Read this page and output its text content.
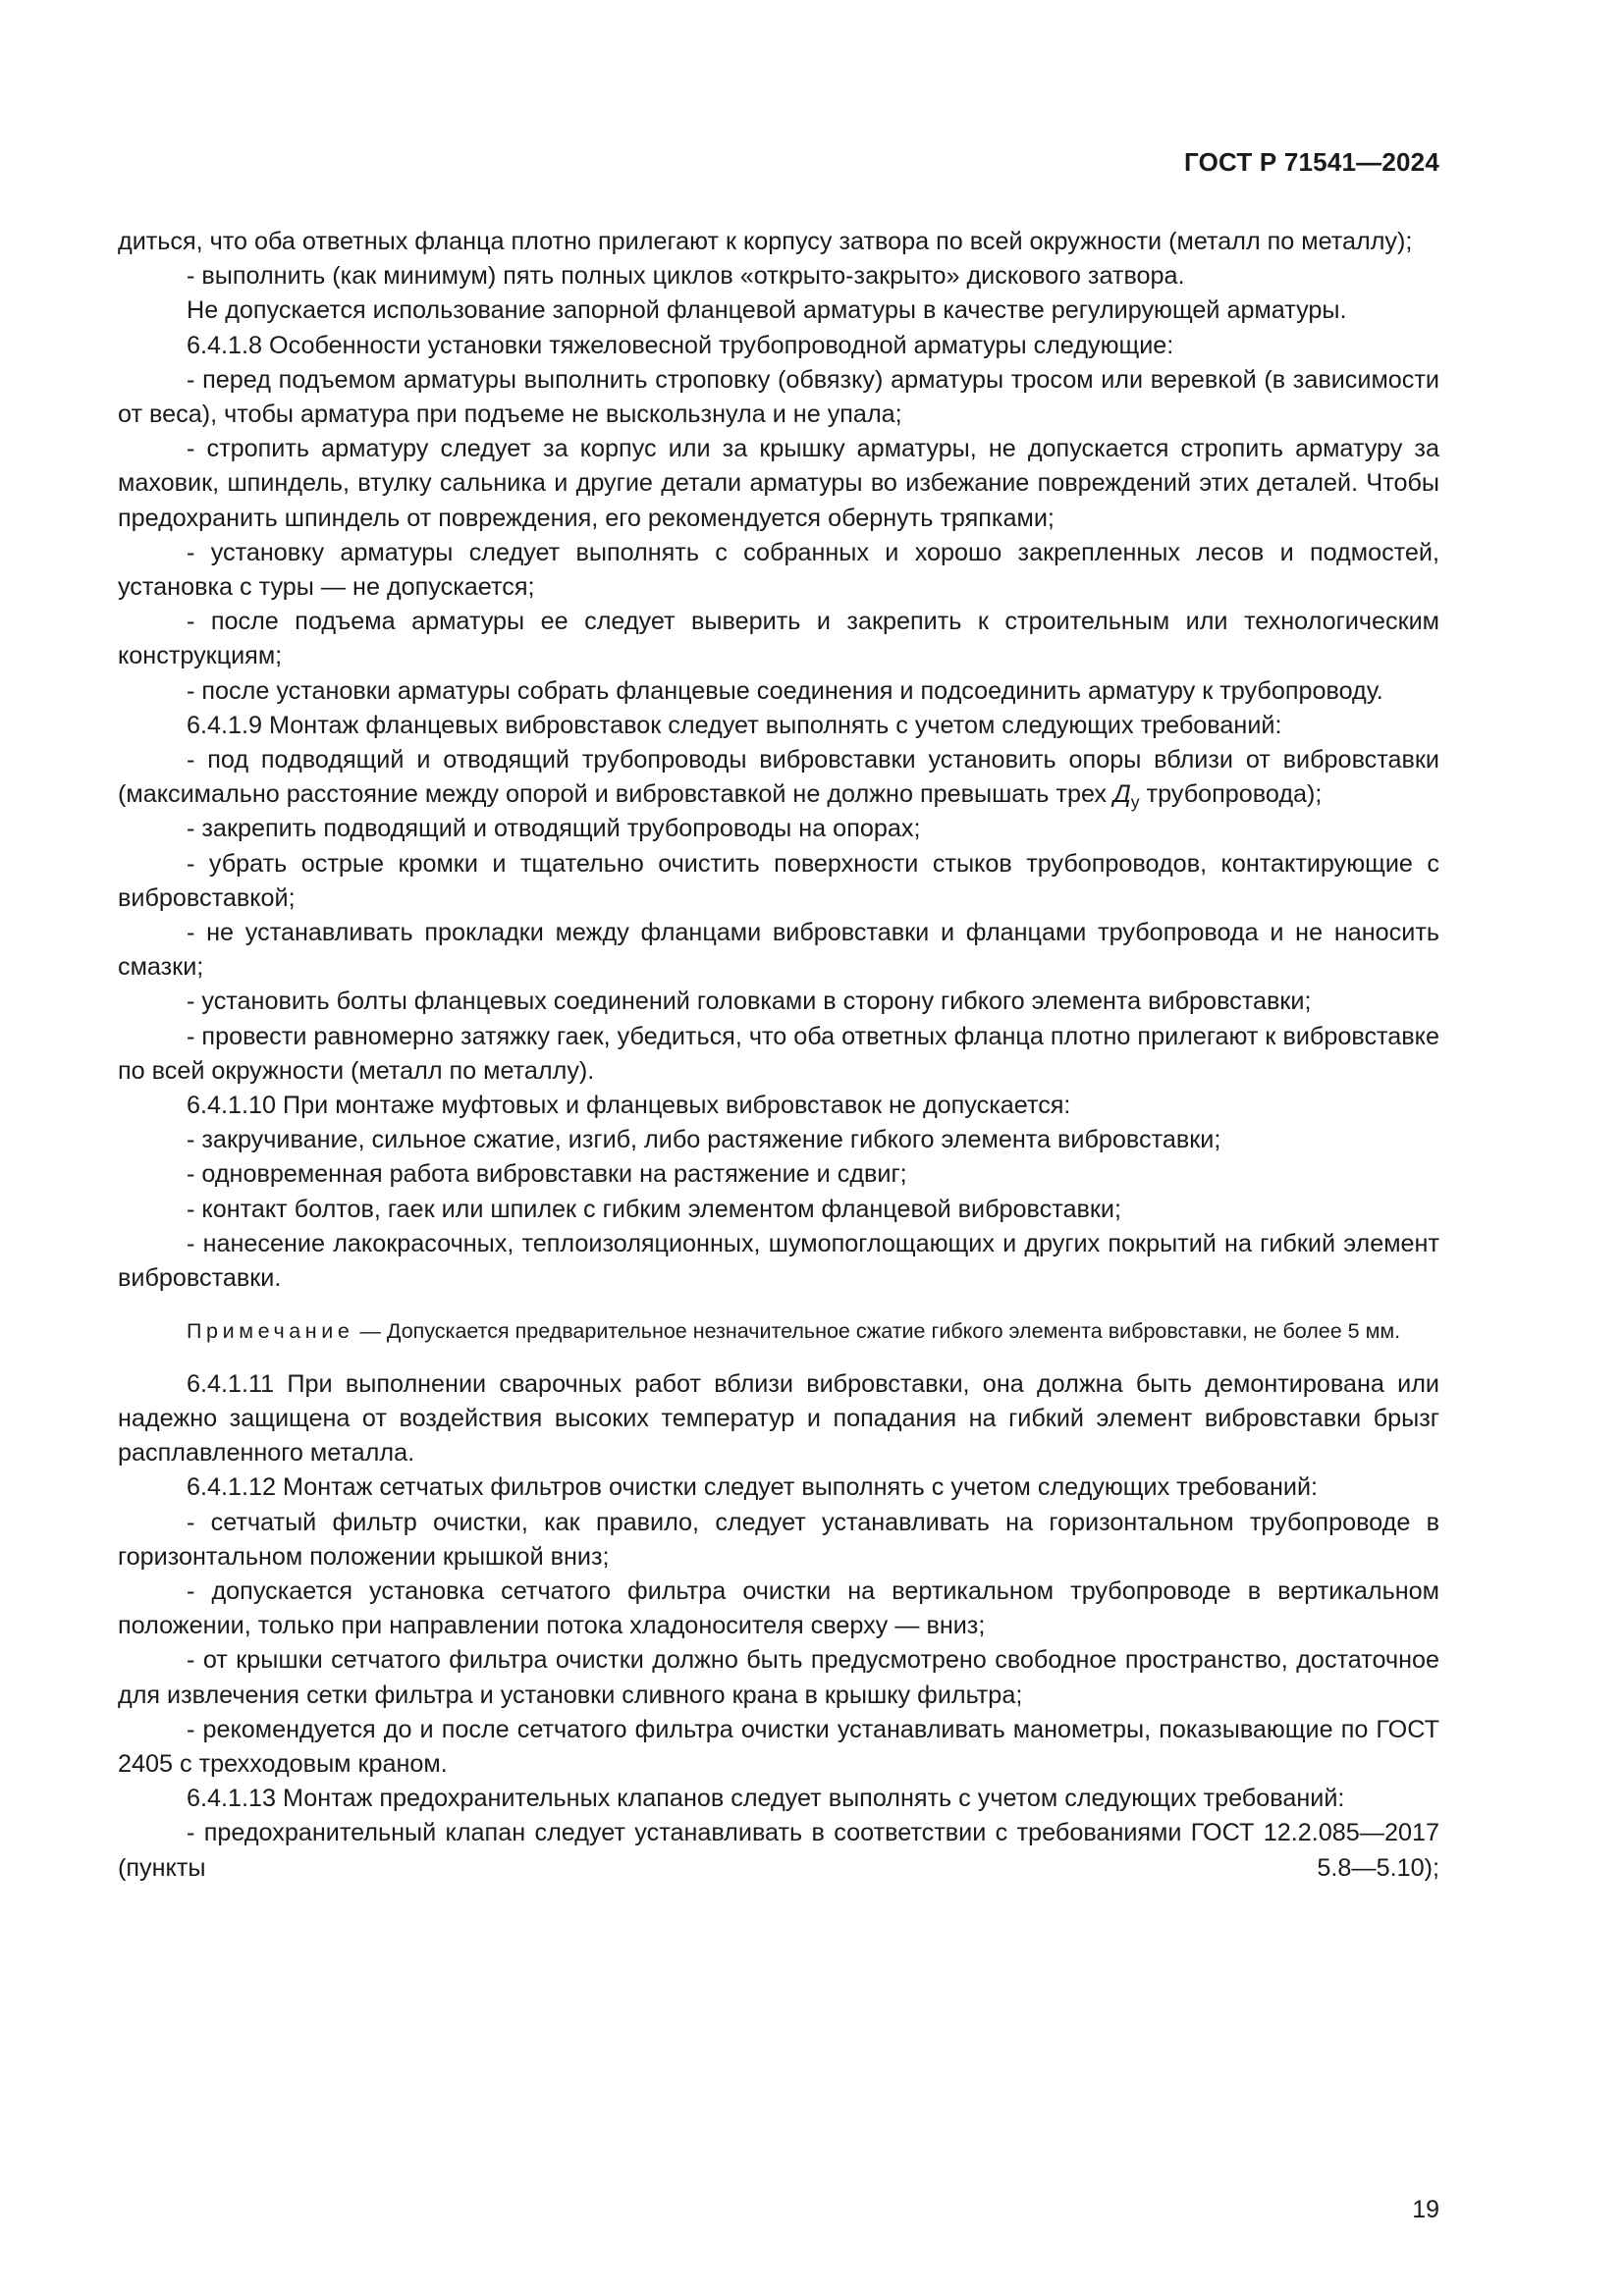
ГОСТ Р 71541—2024

диться, что оба ответных фланца плотно прилегают к корпусу затвора по всей окружности (металл по металлу);

- выполнить (как минимум) пять полных циклов «открыто-закрыто» дискового затвора.

Не допускается использование запорной фланцевой арматуры в качестве регулирующей арматуры.

6.4.1.8 Особенности установки тяжеловесной трубопроводной арматуры следующие:

- перед подъемом арматуры выполнить строповку (обвязку) арматуры тросом или веревкой (в зависимости от веса), чтобы арматура при подъеме не выскользнула и не упала;

- стропить арматуру следует за корпус или за крышку арматуры, не допускается стропить арматуру за маховик, шпиндель, втулку сальника и другие детали арматуры во избежание повреждений этих деталей. Чтобы предохранить шпиндель от повреждения, его рекомендуется обернуть тряпками;

- установку арматуры следует выполнять с собранных и хорошо закрепленных лесов и подмостей, установка с туры — не допускается;

- после подъема арматуры ее следует выверить и закрепить к строительным или технологическим конструкциям;

- после установки арматуры собрать фланцевые соединения и подсоединить арматуру к трубопроводу.

6.4.1.9 Монтаж фланцевых вибровставок следует выполнять с учетом следующих требований:

- под подводящий и отводящий трубопроводы вибровставки установить опоры вблизи от вибровставки (максимально расстояние между опорой и вибровставкой не должно превышать трех $Д_у$ трубопровода);

- закрепить подводящий и отводящий трубопроводы на опорах;

- убрать острые кромки и тщательно очистить поверхности стыков трубопроводов, контактирующие с вибровставкой;

- не устанавливать прокладки между фланцами вибровставки и фланцами трубопровода и не наносить смазки;

- установить болты фланцевых соединений головками в сторону гибкого элемента вибровставки;

- провести равномерно затяжку гаек, убедиться, что оба ответных фланца плотно прилегают к вибровставке по всей окружности (металл по металлу).

6.4.1.10 При монтаже муфтовых и фланцевых вибровставок не допускается:

- закручивание, сильное сжатие, изгиб, либо растяжение гибкого элемента вибровставки;

- одновременная работа вибровставки на растяжение и сдвиг;

- контакт болтов, гаек или шпилек с гибким элементом фланцевой вибровставки;

- нанесение лакокрасочных, теплоизоляционных, шумопоглощающих и других покрытий на гибкий элемент вибровставки.

Примечание — Допускается предварительное незначительное сжатие гибкого элемента вибровставки, не более 5 мм.

6.4.1.11 При выполнении сварочных работ вблизи вибровставки, она должна быть демонтирована или надежно защищена от воздействия высоких температур и попадания на гибкий элемент вибровставки брызг расплавленного металла.

6.4.1.12 Монтаж сетчатых фильтров очистки следует выполнять с учетом следующих требований:

- сетчатый фильтр очистки, как правило, следует устанавливать на горизонтальном трубопроводе в горизонтальном положении крышкой вниз;

- допускается установка сетчатого фильтра очистки на вертикальном трубопроводе в вертикальном положении, только при направлении потока хладоносителя сверху — вниз;

- от крышки сетчатого фильтра очистки должно быть предусмотрено свободное пространство, достаточное для извлечения сетки фильтра и установки сливного крана в крышку фильтра;

- рекомендуется до и после сетчатого фильтра очистки устанавливать манометры, показывающие по ГОСТ 2405 с трехходовым краном.

6.4.1.13 Монтаж предохранительных клапанов следует выполнять с учетом следующих требований:

- предохранительный клапан следует устанавливать в соответствии с требованиями ГОСТ 12.2.085—2017 (пункты 5.8—5.10);

19
